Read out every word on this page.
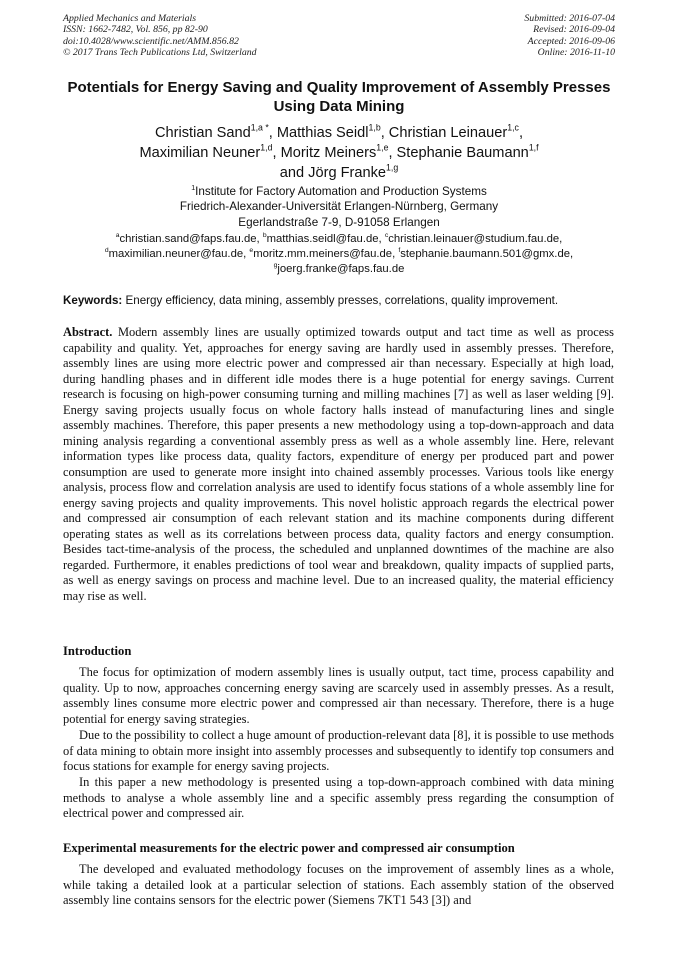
Applied Mechanics and Materials
ISSN: 1662-7482, Vol. 856, pp 82-90
doi:10.4028/www.scientific.net/AMM.856.82
© 2017 Trans Tech Publications Ltd, Switzerland
Submitted: 2016-07-04
Revised: 2016-09-04
Accepted: 2016-09-06
Online: 2016-11-10
Potentials for Energy Saving and Quality Improvement of Assembly Presses Using Data Mining
Christian Sand$^{1,a *}$, Matthias Seidl$^{1,b}$, Christian Leinauer$^{1,c}$,
Maximilian Neuner$^{1,d}$, Moritz Meiners$^{1,e}$, Stephanie Baumann$^{1,f}$
and Jörg Franke$^{1,g}$
$^1$Institute for Factory Automation and Production Systems
Friedrich-Alexander-Universität Erlangen-Nürnberg, Germany
Egerlandstraße 7-9, D-91058 Erlangen
$^a$christian.sand@faps.fau.de, $^b$matthias.seidl@fau.de, $^c$christian.leinauer@studium.fau.de,
$^d$maximilian.neuner@fau.de, $^e$moritz.mm.meiners@fau.de, $^f$stephanie.baumann.501@gmx.de,
$^g$joerg.franke@faps.fau.de
Keywords: Energy efficiency, data mining, assembly presses, correlations, quality improvement.

Abstract. Modern assembly lines are usually optimized towards output and tact time as well as process capability and quality. Yet, approaches for energy saving are hardly used in assembly presses. Therefore, assembly lines are using more electric power and compressed air than necessary. Especially at high load, during handling phases and in different idle modes there is a huge potential for energy savings. Current research is focusing on high-power consuming turning and milling machines [7] as well as laser welding [9]. Energy saving projects usually focus on whole factory halls instead of manufacturing lines and single assembly machines. Therefore, this paper presents a new methodology using a top-down-approach and data mining analysis regarding a conventional assembly press as well as a whole assembly line. Here, relevant information types like process data, quality factors, expenditure of energy per produced part and power consumption are used to generate more insight into chained assembly processes. Various tools like energy analysis, process flow and correlation analysis are used to identify focus stations of a whole assembly line for energy saving projects and quality improvements. This novel holistic approach regards the electrical power and compressed air consumption of each relevant station and its machine components during different operating states as well as its correlations between process data, quality factors and energy consumption. Besides tact-time-analysis of the process, the scheduled and unplanned downtimes of the machine are also regarded. Furthermore, it enables predictions of tool wear and breakdown, quality impacts of supplied parts, as well as energy savings on process and machine level. Due to an increased quality, the material efficiency may rise as well.

Introduction

The focus for optimization of modern assembly lines is usually output, tact time, process capability and quality. Up to now, approaches concerning energy saving are scarcely used in assembly presses. As a result, assembly lines consume more electric power and compressed air than necessary. Therefore, there is a huge potential for energy saving strategies.

Due to the possibility to collect a huge amount of production-relevant data [8], it is possible to use methods of data mining to obtain more insight into assembly processes and subsequently to identify top consumers and focus stations for example for energy saving projects.

In this paper a new methodology is presented using a top-down-approach combined with data mining methods to analyse a whole assembly line and a specific assembly press regarding the consumption of electrical power and compressed air.

Experimental measurements for the electric power and compressed air consumption

The developed and evaluated methodology focuses on the improvement of assembly lines as a whole, while taking a detailed look at a particular selection of stations. Each assembly station of the observed assembly line contains sensors for the electric power (Siemens 7KT1 543 [3]) and
